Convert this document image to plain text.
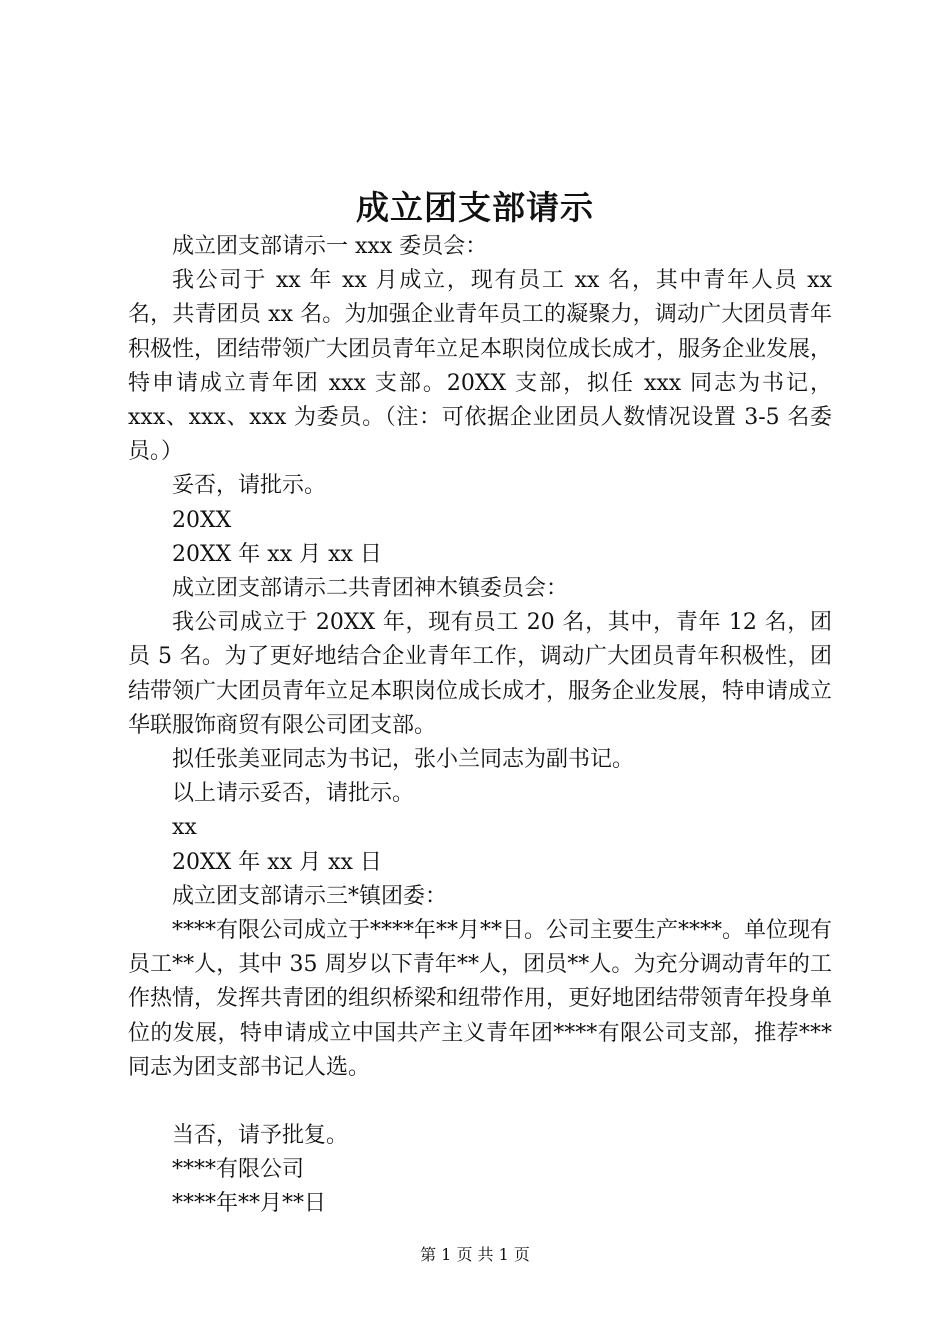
成立团支部请示

成立团支部请示一 xxx 委员会：

我公司于 xx 年 xx 月成立，现有员工 xx 名，其中青年人员 xx 名，共青团员 xx 名。为加强企业青年员工的凝聚力，调动广大团员青年积极性，团结带领广大团员青年立足本职岗位成长成才，服务企业发展，特申请成立青年团 xxx 支部。20XX 支部，拟任 xxx 同志为书记，xxx、xxx、xxx 为委员。（注：可依据企业团员人数情况设置 3-5 名委员。）

妥否，请批示。

20XX

20XX 年 xx 月 xx 日

成立团支部请示二共青团神木镇委员会：

我公司成立于 20XX 年，现有员工 20 名，其中，青年 12 名，团员 5 名。为了更好地结合企业青年工作，调动广大团员青年积极性，团结带领广大团员青年立足本职岗位成长成才，服务企业发展，特申请成立华联服饰商贸有限公司团支部。

拟任张美亚同志为书记，张小兰同志为副书记。

以上请示妥否，请批示。

xx

20XX 年 xx 月 xx 日

成立团支部请示三*镇团委：

****有限公司成立于****年**月**日。公司主要生产****。单位现有员工**人，其中 35 周岁以下青年**人，团员**人。为充分调动青年的工作热情，发挥共青团的组织桥梁和纽带作用，更好地团结带领青年投身单位的发展，特申请成立中国共产主义青年团****有限公司支部，推荐***同志为团支部书记人选。

当否，请予批复。

****有限公司

****年**月**日

第 1 页 共 1 页
